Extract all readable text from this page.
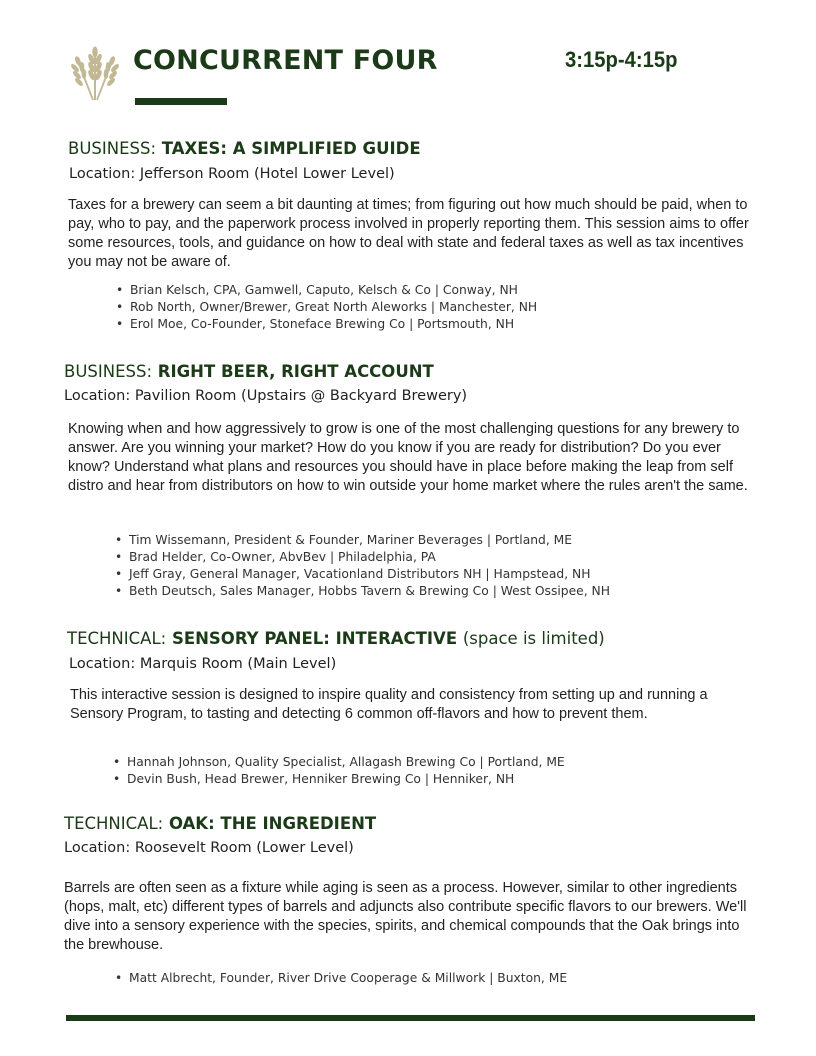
CONCURRENT FOUR	3:15p-4:15p
BUSINESS: TAXES: A SIMPLIFIED GUIDE
Location: Jefferson Room (Hotel Lower Level)

Taxes for a brewery can seem a bit daunting at times; from figuring out how much should be paid, when to pay, who to pay, and the paperwork process involved in properly reporting them. This session aims to offer some resources, tools, and guidance on how to deal with state and federal taxes as well as tax incentives you may not be aware of.

• Brian Kelsch, CPA, Gamwell, Caputo, Kelsch & Co | Conway, NH
• Rob North, Owner/Brewer, Great North Aleworks | Manchester, NH
• Erol Moe, Co-Founder, Stoneface Brewing Co | Portsmouth, NH
BUSINESS: RIGHT BEER, RIGHT ACCOUNT
Location: Pavilion Room (Upstairs @ Backyard Brewery)

Knowing when and how aggressively to grow is one of the most challenging questions for any brewery to answer. Are you winning your market? How do you know if you are ready for distribution? Do you ever know? Understand what plans and resources you should have in place before making the leap from self distro and hear from distributors on how to win outside your home market where the rules aren't the same.

• Tim Wissemann, President & Founder, Mariner Beverages | Portland, ME
• Brad Helder, Co-Owner, AbvBev | Philadelphia, PA
• Jeff Gray, General Manager, Vacationland Distributors NH | Hampstead, NH
• Beth Deutsch, Sales Manager, Hobbs Tavern & Brewing Co | West Ossipee, NH
TECHNICAL: SENSORY PANEL: INTERACTIVE (space is limited)
Location: Marquis Room (Main Level)

This interactive session is designed to inspire quality and consistency from setting up and running a Sensory Program, to tasting and detecting 6 common off-flavors and how to prevent them.

• Hannah Johnson, Quality Specialist, Allagash Brewing Co | Portland, ME
• Devin Bush, Head Brewer, Henniker Brewing Co | Henniker, NH
TECHNICAL: OAK: THE INGREDIENT
Location: Roosevelt Room (Lower Level)

Barrels are often seen as a fixture while aging is seen as a process. However, similar to other ingredients (hops, malt, etc) different types of barrels and adjuncts also contribute specific flavors to our brewers. We'll dive into a sensory experience with the species, spirits, and chemical compounds that the Oak brings into the brewhouse.

• Matt Albrecht, Founder, River Drive Cooperage & Millwork | Buxton, ME
